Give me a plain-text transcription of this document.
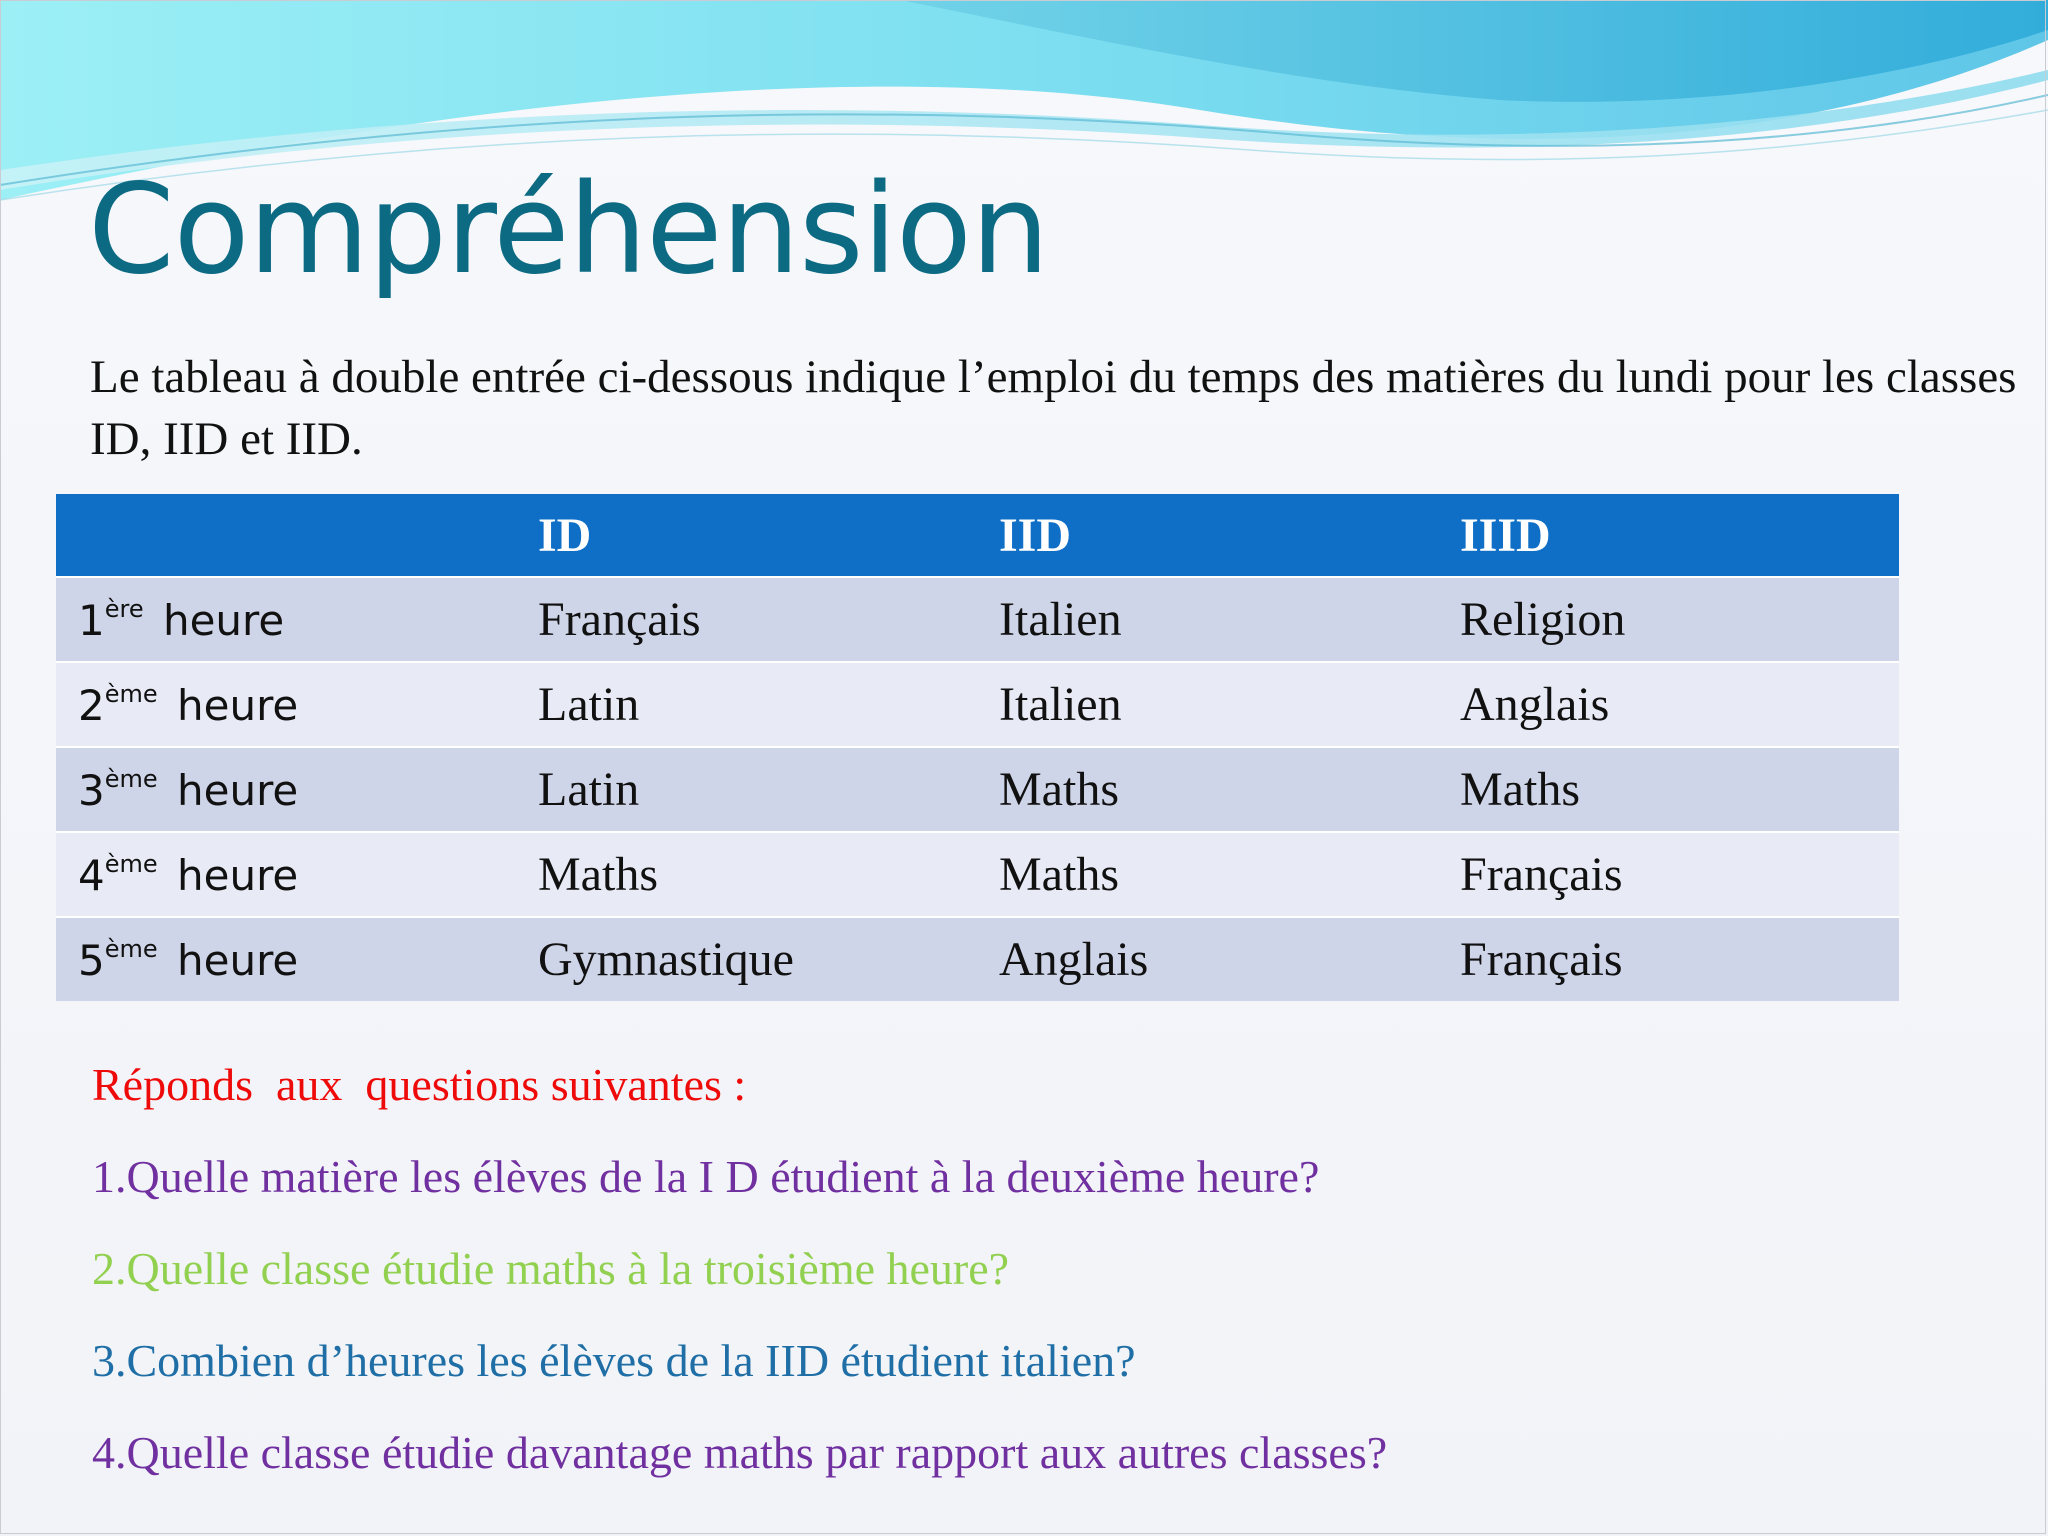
Compréhension

Le tableau à double entrée ci-dessous indique l’emploi du temps des matières du lundi pour les classes ID, IID et IID.

	ID	IID	IIID
1ère heure	Français	Italien	Religion
2ème heure	Latin	Italien	Anglais
3ème heure	Latin	Maths	Maths
4ème heure	Maths	Maths	Français
5ème heure	Gymnastique	Anglais	Français

Réponds  aux  questions suivantes :

1.Quelle matière les élèves de la I D étudient à la deuxième heure?

2.Quelle classe étudie maths à la troisième heure?

3.Combien d’heures les élèves de la IID étudient italien?

4.Quelle classe étudie davantage maths par rapport aux autres classes?
